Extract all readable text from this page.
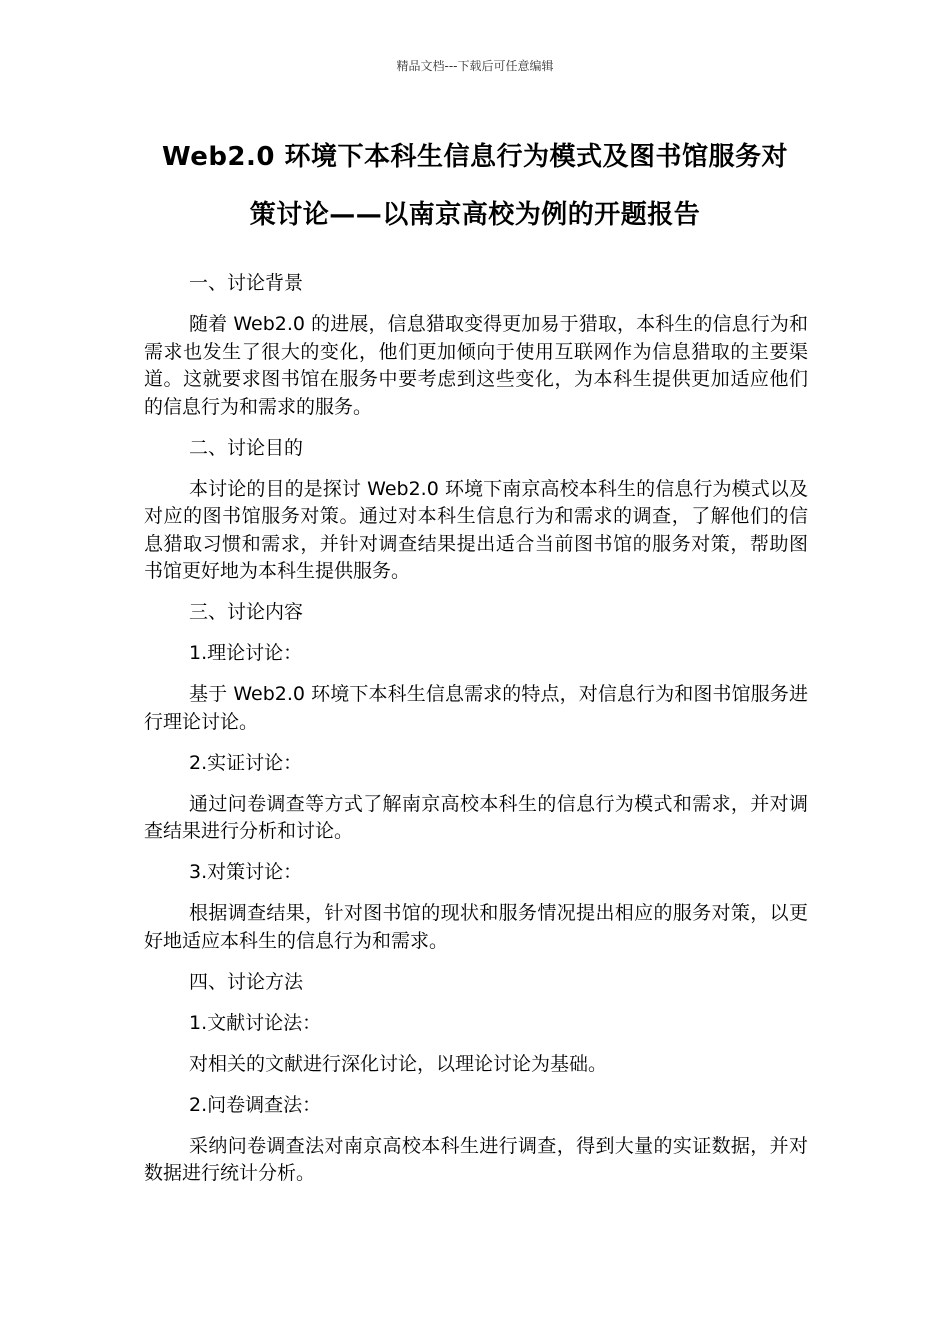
精品文档---下载后可任意编辑
Web2.0 环境下本科生信息行为模式及图书馆服务对
策讨论——以南京高校为例的开题报告

一、讨论背景

随着 Web2.0 的进展，信息猎取变得更加易于猎取，本科生的信息行为和需求也发生了很大的变化，他们更加倾向于使用互联网作为信息猎取的主要渠道。这就要求图书馆在服务中要考虑到这些变化，为本科生提供更加适应他们的信息行为和需求的服务。

二、讨论目的

本讨论的目的是探讨 Web2.0 环境下南京高校本科生的信息行为模式以及对应的图书馆服务对策。通过对本科生信息行为和需求的调查，了解他们的信息猎取习惯和需求，并针对调查结果提出适合当前图书馆的服务对策，帮助图书馆更好地为本科生提供服务。

三、讨论内容

1.理论讨论：

基于 Web2.0 环境下本科生信息需求的特点，对信息行为和图书馆服务进行理论讨论。

2.实证讨论：

通过问卷调查等方式了解南京高校本科生的信息行为模式和需求，并对调查结果进行分析和讨论。

3.对策讨论：

根据调查结果，针对图书馆的现状和服务情况提出相应的服务对策，以更好地适应本科生的信息行为和需求。

四、讨论方法

1.文献讨论法：

对相关的文献进行深化讨论，以理论讨论为基础。

2.问卷调查法：

采纳问卷调查法对南京高校本科生进行调查，得到大量的实证数据，并对数据进行统计分析。
